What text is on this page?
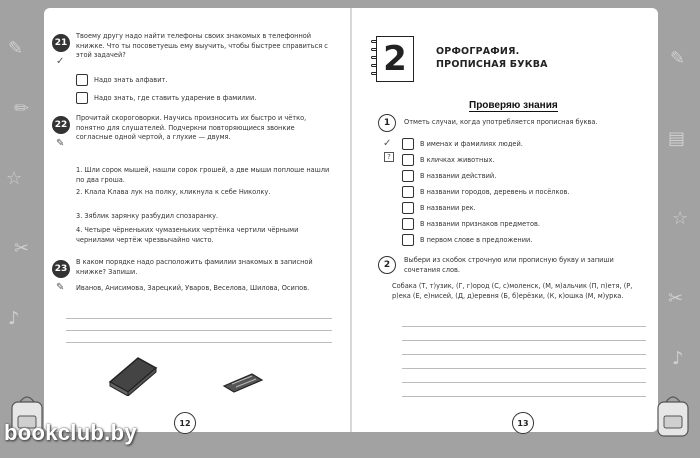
✎
✏
☆
✂
♪
✎
▤
☆
✂
♪
21
✓
Твоему другу надо найти телефоны своих знакомых в телефонной книжке. Что ты посоветуешь ему выучить, чтобы быстрее справиться с этой задачей?
Надо знать алфавит.
Надо знать, где ставить ударение в фамилии.
22
✎
Прочитай скороговорки. Научись произносить их быстро и чётко, понятно для слушателей. Подчеркни повторяющиеся звонкие согласные одной чертой, а глухие — двумя.
1. Шли сорок мышей, нашли сорок грошей, а две мыши поплоше нашли по два гроша.
2. Клала Клава лук на полку, кликнула к себе Николку.
3. Зяблик зарянку разбудил спозаранку.
4. Четыре чёрненьких чумазеньких чертёнка чертили чёрными чернилами чертёж чрезвычайно чисто.
23
✎
В каком порядке надо расположить фамилии знакомых в записной книжке? Запиши.
Иванов, Анисимова, Зарецкий, Уваров, Веселова, Шилова, Осипов.
12
2	ОРФОГРАФИЯ.
ПРОПИСНАЯ БУКВА
Проверяю знания
1	Отметь случаи, когда употребляется прописная буква.
✓
?
В именах и фамилиях людей.
В кличках животных.
В названии действий.
В названии городов, деревень и посёлков.
В названии рек.
В названии признаков предметов.
В первом слове в предложении.
2	Выбери из скобок строчную или прописную букву и запиши сочетания слов.
Собака (Т, т)узик, (Г, г)ород (С, с)моленск, (М, м)альчик (П, п)етя, (Р, р)ека (Е, е)нисей, (Д, д)еревня (Б, б)ерёзки, (К, к)ошка (М, м)урка.
13
bookclub.by
